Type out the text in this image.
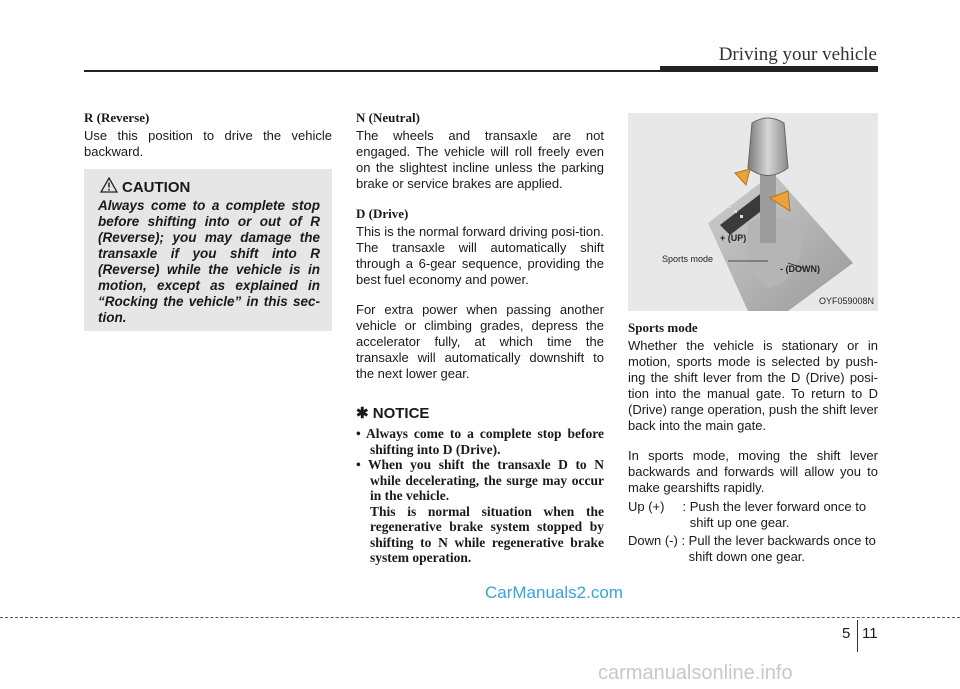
Driving your vehicle
R (Reverse)

Use this position to drive the vehicle backward.

CAUTION
Always come to a complete stop before shifting into or out of R (Reverse); you may damage the transaxle if you shift into R (Reverse) while the vehicle is in motion, except as explained in “Rocking the vehicle” in this sec-tion.
N (Neutral)

The wheels and transaxle are not engaged. The vehicle will roll freely even on the slightest incline unless the parking brake or service brakes are applied.

D (Drive)

This is the normal forward driving posi-tion. The transaxle will automatically shift through a 6-gear sequence, providing the best fuel economy and power.

For extra power when passing another vehicle or climbing grades, depress the accelerator fully, at which time the transaxle will automatically downshift to the next lower gear.

✱ NOTICE

• Always come to a complete stop before shifting into D (Drive).

• When you shift the transaxle D to N while decelerating, the surge may occur in the vehicle.

This is normal situation when the regenerative brake system stopped by shifting to N while regenerative brake system operation.

+ (UP)
Sports mode
- (DOWN)
OYF059008N
Sports mode

Whether the vehicle is stationary or in motion, sports mode is selected by push-ing the shift lever from the D (Drive) posi-tion into the manual gate. To return to D (Drive) range operation, push the shift lever back into the main gate.

In sports mode, moving the shift lever backwards and forwards will allow you to make gearshifts rapidly.

Up (+)     : Push the lever forward once to shift up one gear.
Down (-) : Pull the lever backwards once to shift down one gear.
CarManuals2.com
5 11
carmanualsonline.info
